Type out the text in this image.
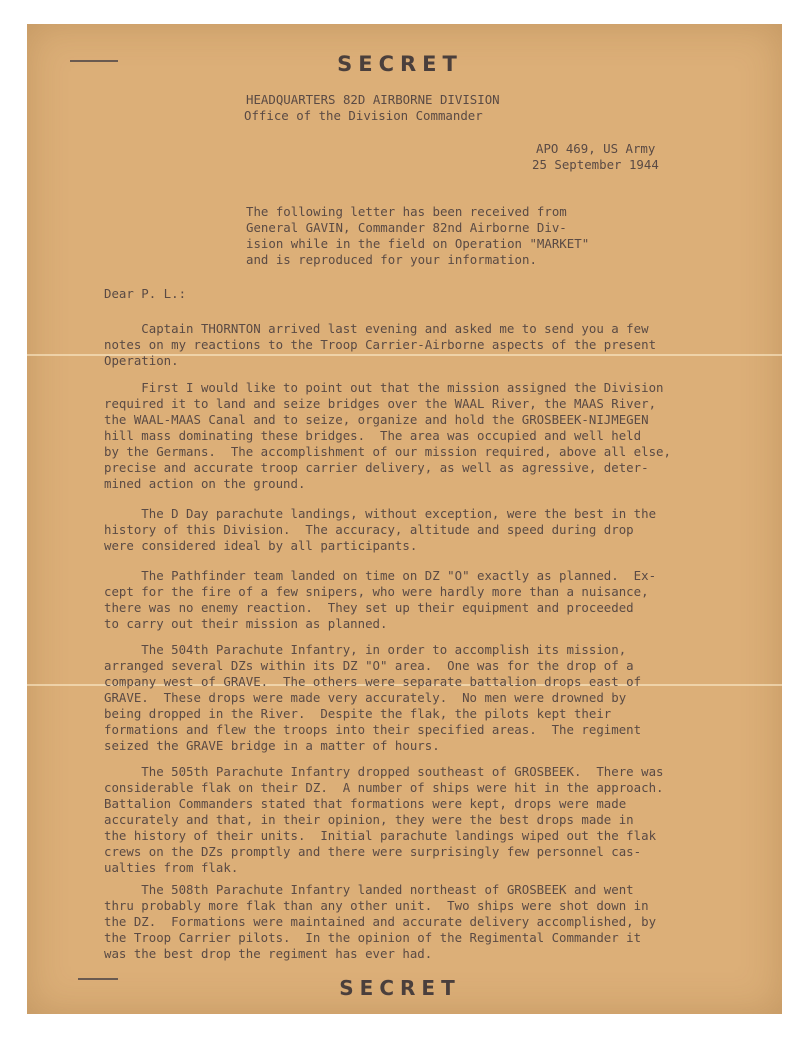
SECRET
HEADQUARTERS 82D AIRBORNE DIVISION
Office of the Division Commander
APO 469, US Army
25 September 1944
The following letter has been received from
General GAVIN, Commander 82nd Airborne Div-
ision while in the field on Operation "MARKET"
and is reproduced for your information.
Dear P. L.:
Captain THORNTON arrived last evening and asked me to send you a few
notes on my reactions to the Troop Carrier-Airborne aspects of the present
Operation.
First I would like to point out that the mission assigned the Division
required it to land and seize bridges over the WAAL River, the MAAS River,
the WAAL-MAAS Canal and to seize, organize and hold the GROSBEEK-NIJMEGEN
hill mass dominating these bridges.  The area was occupied and well held
by the Germans.  The accomplishment of our mission required, above all else,
precise and accurate troop carrier delivery, as well as agressive, deter-
mined action on the ground.
The D Day parachute landings, without exception, were the best in the
history of this Division.  The accuracy, altitude and speed during drop
were considered ideal by all participants.
The Pathfinder team landed on time on DZ "O" exactly as planned.  Ex-
cept for the fire of a few snipers, who were hardly more than a nuisance,
there was no enemy reaction.  They set up their equipment and proceeded
to carry out their mission as planned.
The 504th Parachute Infantry, in order to accomplish its mission,
arranged several DZs within its DZ "O" area.  One was for the drop of a
company west of GRAVE.  The others were separate battalion drops east of
GRAVE.  These drops were made very accurately.  No men were drowned by
being dropped in the River.  Despite the flak, the pilots kept their
formations and flew the troops into their specified areas.  The regiment
seized the GRAVE bridge in a matter of hours.
The 505th Parachute Infantry dropped southeast of GROSBEEK.  There was
considerable flak on their DZ.  A number of ships were hit in the approach.
Battalion Commanders stated that formations were kept, drops were made
accurately and that, in their opinion, they were the best drops made in
the history of their units.  Initial parachute landings wiped out the flak
crews on the DZs promptly and there were surprisingly few personnel cas-
ualties from flak.
The 508th Parachute Infantry landed northeast of GROSBEEK and went
thru probably more flak than any other unit.  Two ships were shot down in
the DZ.  Formations were maintained and accurate delivery accomplished, by
the Troop Carrier pilots.  In the opinion of the Regimental Commander it
was the best drop the regiment has ever had.
SECRET
